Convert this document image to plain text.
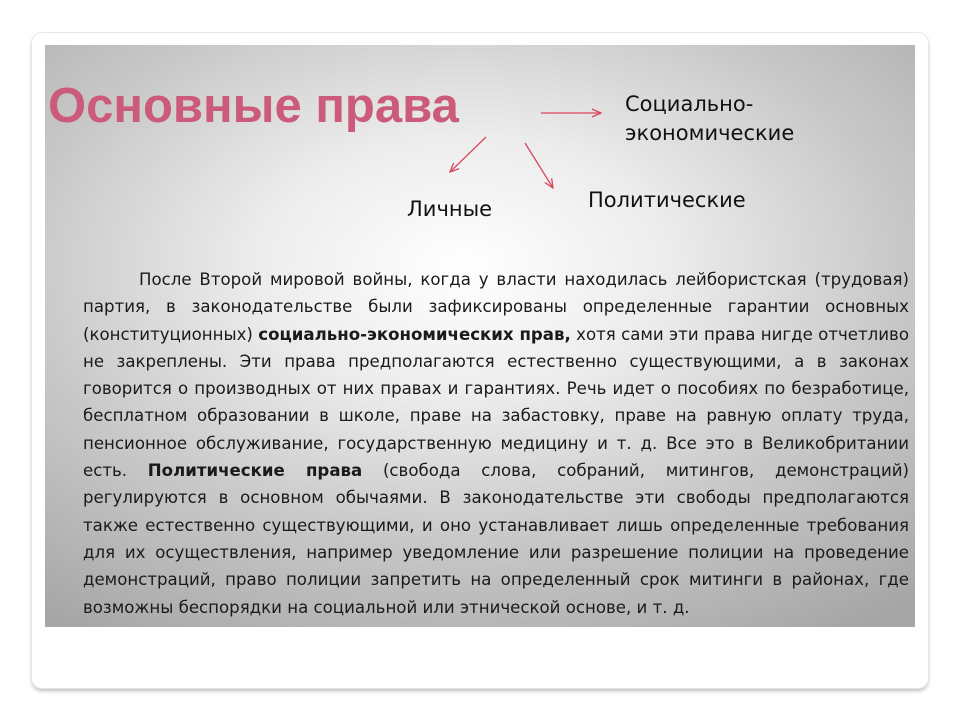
Основные права	Социально-экономические
Личные	Политические

После Второй мировой войны, когда у власти находилась лейбористская (трудовая) партия, в законодательстве были зафиксированы определенные гарантии основных (конституционных) социально-экономических прав, хотя сами эти права нигде отчетливо не закреплены. Эти права предполагаются естественно существующими, а в законах говорится о производных от них правах и гарантиях. Речь идет о пособиях по безработице, бесплатном образовании в школе, праве на забастовку, праве на равную оплату труда, пенсионное обслуживание, государственную медицину и т. д. Все это в Великобритании есть. Политические права (свобода слова, собраний, митингов, демонстраций) регулируются в основном обычаями. В законодательстве эти свободы предполагаются также естественно существующими, и оно устанавливает лишь определенные требования для их осуществления, например уведомление или разрешение полиции на проведение демонстраций, право полиции запретить на определенный срок митинги в районах, где возможны беспорядки на социальной или этнической основе, и т. д.
